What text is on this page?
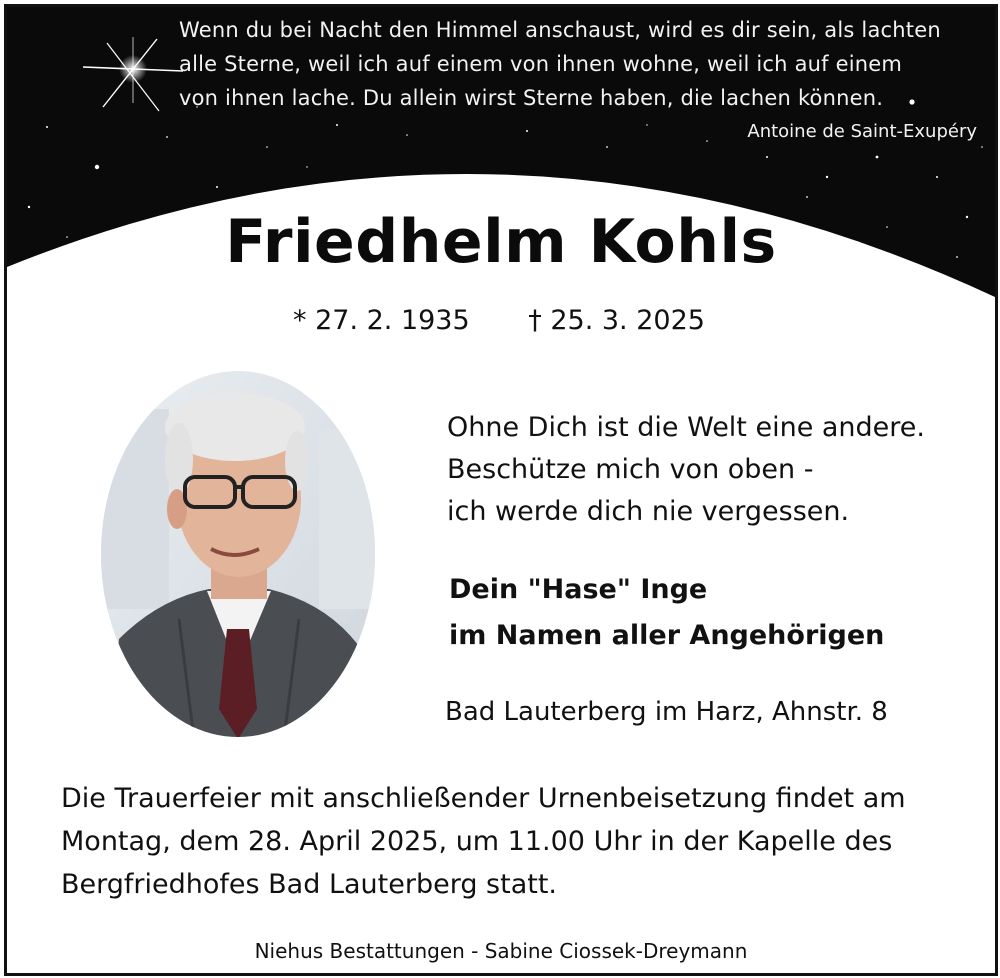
Wenn du bei Nacht den Himmel anschaust, wird es dir sein, als lachten
alle Sterne, weil ich auf einem von ihnen wohne, weil ich auf einem
von ihnen lache. Du allein wirst Sterne haben, die lachen können.
Antoine de Saint-Exupéry
Friedhelm Kohls
* 27. 2. 1935 † 25. 3. 2025
Ohne Dich ist die Welt eine andere.
Beschütze mich von oben -
ich werde dich nie vergessen.
Dein "Hase" Inge
im Namen aller Angehörigen
Bad Lauterberg im Harz, Ahnstr. 8
Die Trauerfeier mit anschließender Urnenbeisetzung findet am
Montag, dem 28. April 2025, um 11.00 Uhr in der Kapelle des
Bergfriedhofes Bad Lauterberg statt.
Niehus Bestattungen - Sabine Ciossek-Dreymann
